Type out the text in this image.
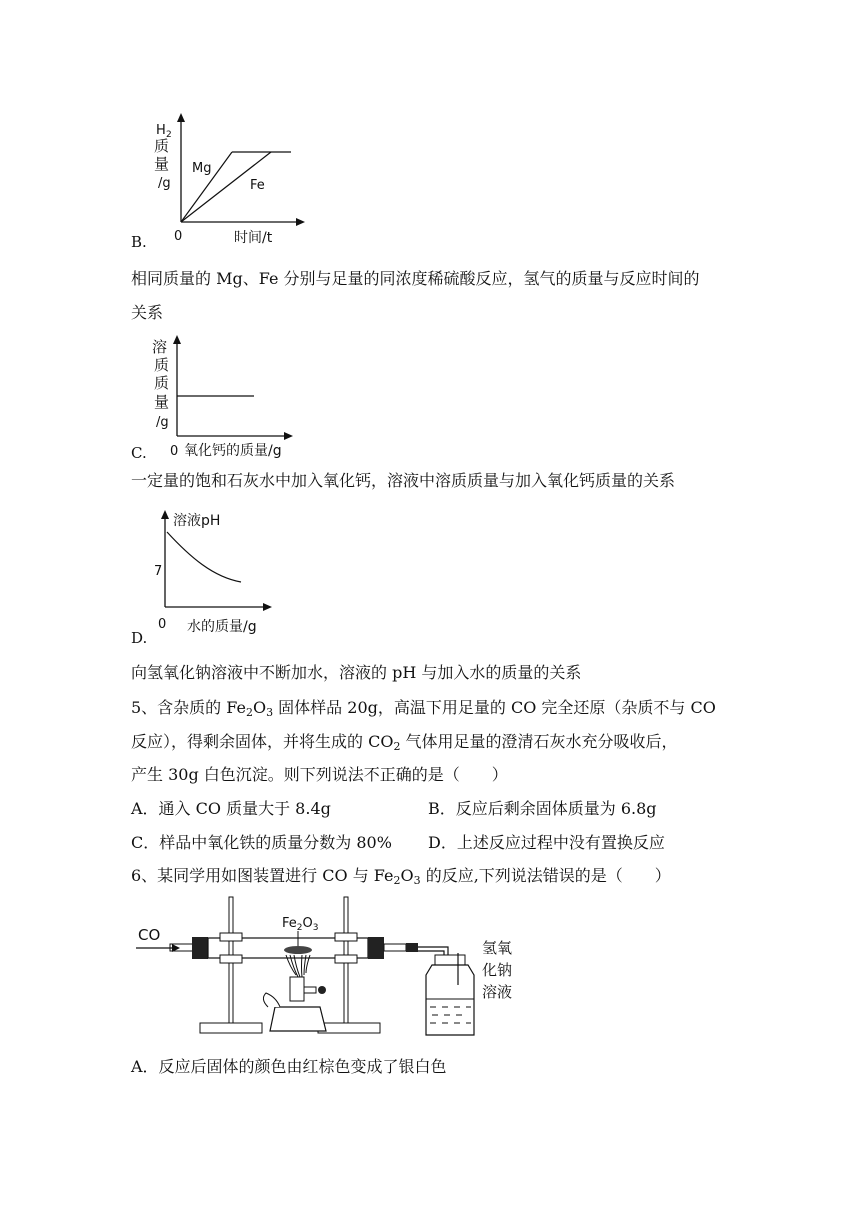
H 2
质
量
/g
Mg
Fe
0	时间/t
B.
相同质量的 Mg、Fe 分别与足量的同浓度稀硫酸反应，氢气的质量与反应时间的
关系
溶
质
质
量
/g
0 氧化钙的质量/g
C.
一定量的饱和石灰水中加入氧化钙，溶液中溶质质量与加入氧化钙质量的关系
溶液pH
7
0 水的质量/g
D.
向氢氧化钠溶液中不断加水，溶液的 pH 与加入水的质量的关系
5、含杂质的 $Fe_2O_3$ 固体样品 20g，高温下用足量的 CO 完全还原（杂质不与 CO
反应），得剩余固体，并将生成的 $CO_2$ 气体用足量的澄清石灰水充分吸收后，
产生 30g 白色沉淀。则下列说法不正确的是（　　）
A．通入 CO 质量大于 8.4g	B．反应后剩余固体质量为 6.8g
C．样品中氧化铁的质量分数为 80% D．上述反应过程中没有置换反应
6、某同学用如图装置进行 CO 与 $Fe_2O_3$ 的反应,下列说法错误的是（　　）
CO
$Fe_2O_3$
氢氧
化钠
溶液
A．反应后固体的颜色由红棕色变成了银白色
